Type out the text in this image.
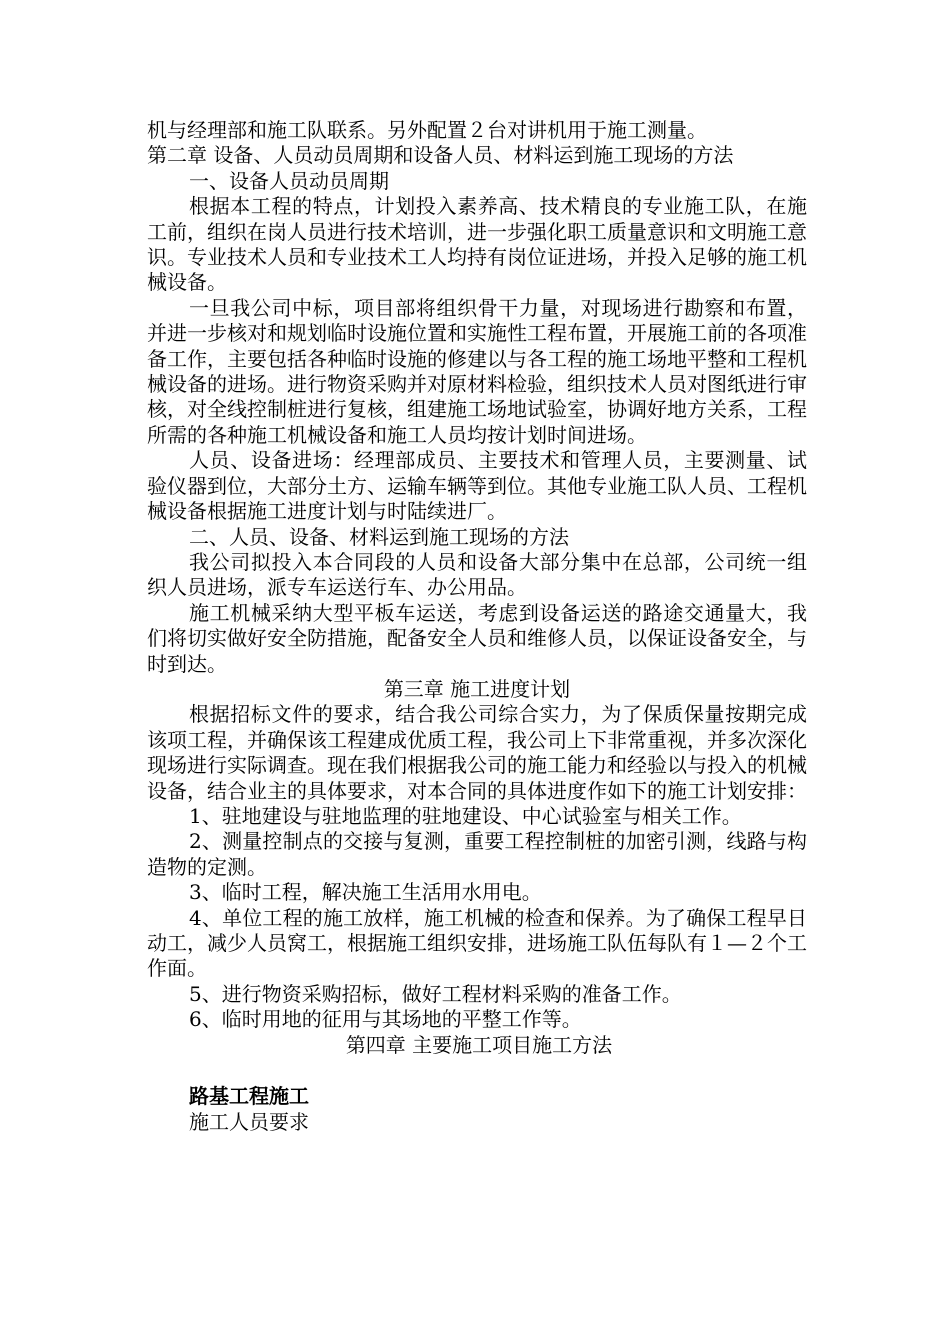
机与经理部和施工队联系。另外配置２台对讲机用于施工测量。

第二章 设备、人员动员周期和设备人员、材料运到施工现场的方法

一、设备人员动员周期

根据本工程的特点，计划投入素养高、技术精良的专业施工队，在施工前，组织在岗人员进行技术培训，进一步强化职工质量意识和文明施工意识。专业技术人员和专业技术工人均持有岗位证进场，并投入足够的施工机械设备。

一旦我公司中标，项目部将组织骨干力量，对现场进行勘察和布置，并进一步核对和规划临时设施位置和实施性工程布置，开展施工前的各项准备工作，主要包括各种临时设施的修建以与各工程的施工场地平整和工程机械设备的进场。进行物资采购并对原材料检验，组织技术人员对图纸进行审核，对全线控制桩进行复核，组建施工场地试验室，协调好地方关系，工程所需的各种施工机械设备和施工人员均按计划时间进场。

人员、设备进场：经理部成员、主要技术和管理人员，主要测量、试验仪器到位，大部分土方、运输车辆等到位。其他专业施工队人员、工程机械设备根据施工进度计划与时陆续进厂。

二、人员、设备、材料运到施工现场的方法

我公司拟投入本合同段的人员和设备大部分集中在总部，公司统一组织人员进场，派专车运送行车、办公用品。

施工机械采纳大型平板车运送，考虑到设备运送的路途交通量大，我们将切实做好安全防措施，配备安全人员和维修人员，以保证设备安全，与时到达。

第三章 施工进度计划

根据招标文件的要求，结合我公司综合实力，为了保质保量按期完成该项工程，并确保该工程建成优质工程，我公司上下非常重视，并多次深化现场进行实际调查。现在我们根据我公司的施工能力和经验以与投入的机械设备，结合业主的具体要求，对本合同的具体进度作如下的施工计划安排：

1、驻地建设与驻地监理的驻地建设、中心试验室与相关工作。

2、测量控制点的交接与复测，重要工程控制桩的加密引测，线路与构造物的定测。

3、临时工程，解决施工生活用水用电。

4、单位工程的施工放样，施工机械的检查和保养。为了确保工程早日动工，减少人员窝工，根据施工组织安排，进场施工队伍每队有１—２个工作面。

5、进行物资采购招标，做好工程材料采购的准备工作。

6、临时用地的征用与其场地的平整工作等。

第四章 主要施工项目施工方法

路基工程施工

施工人员要求
